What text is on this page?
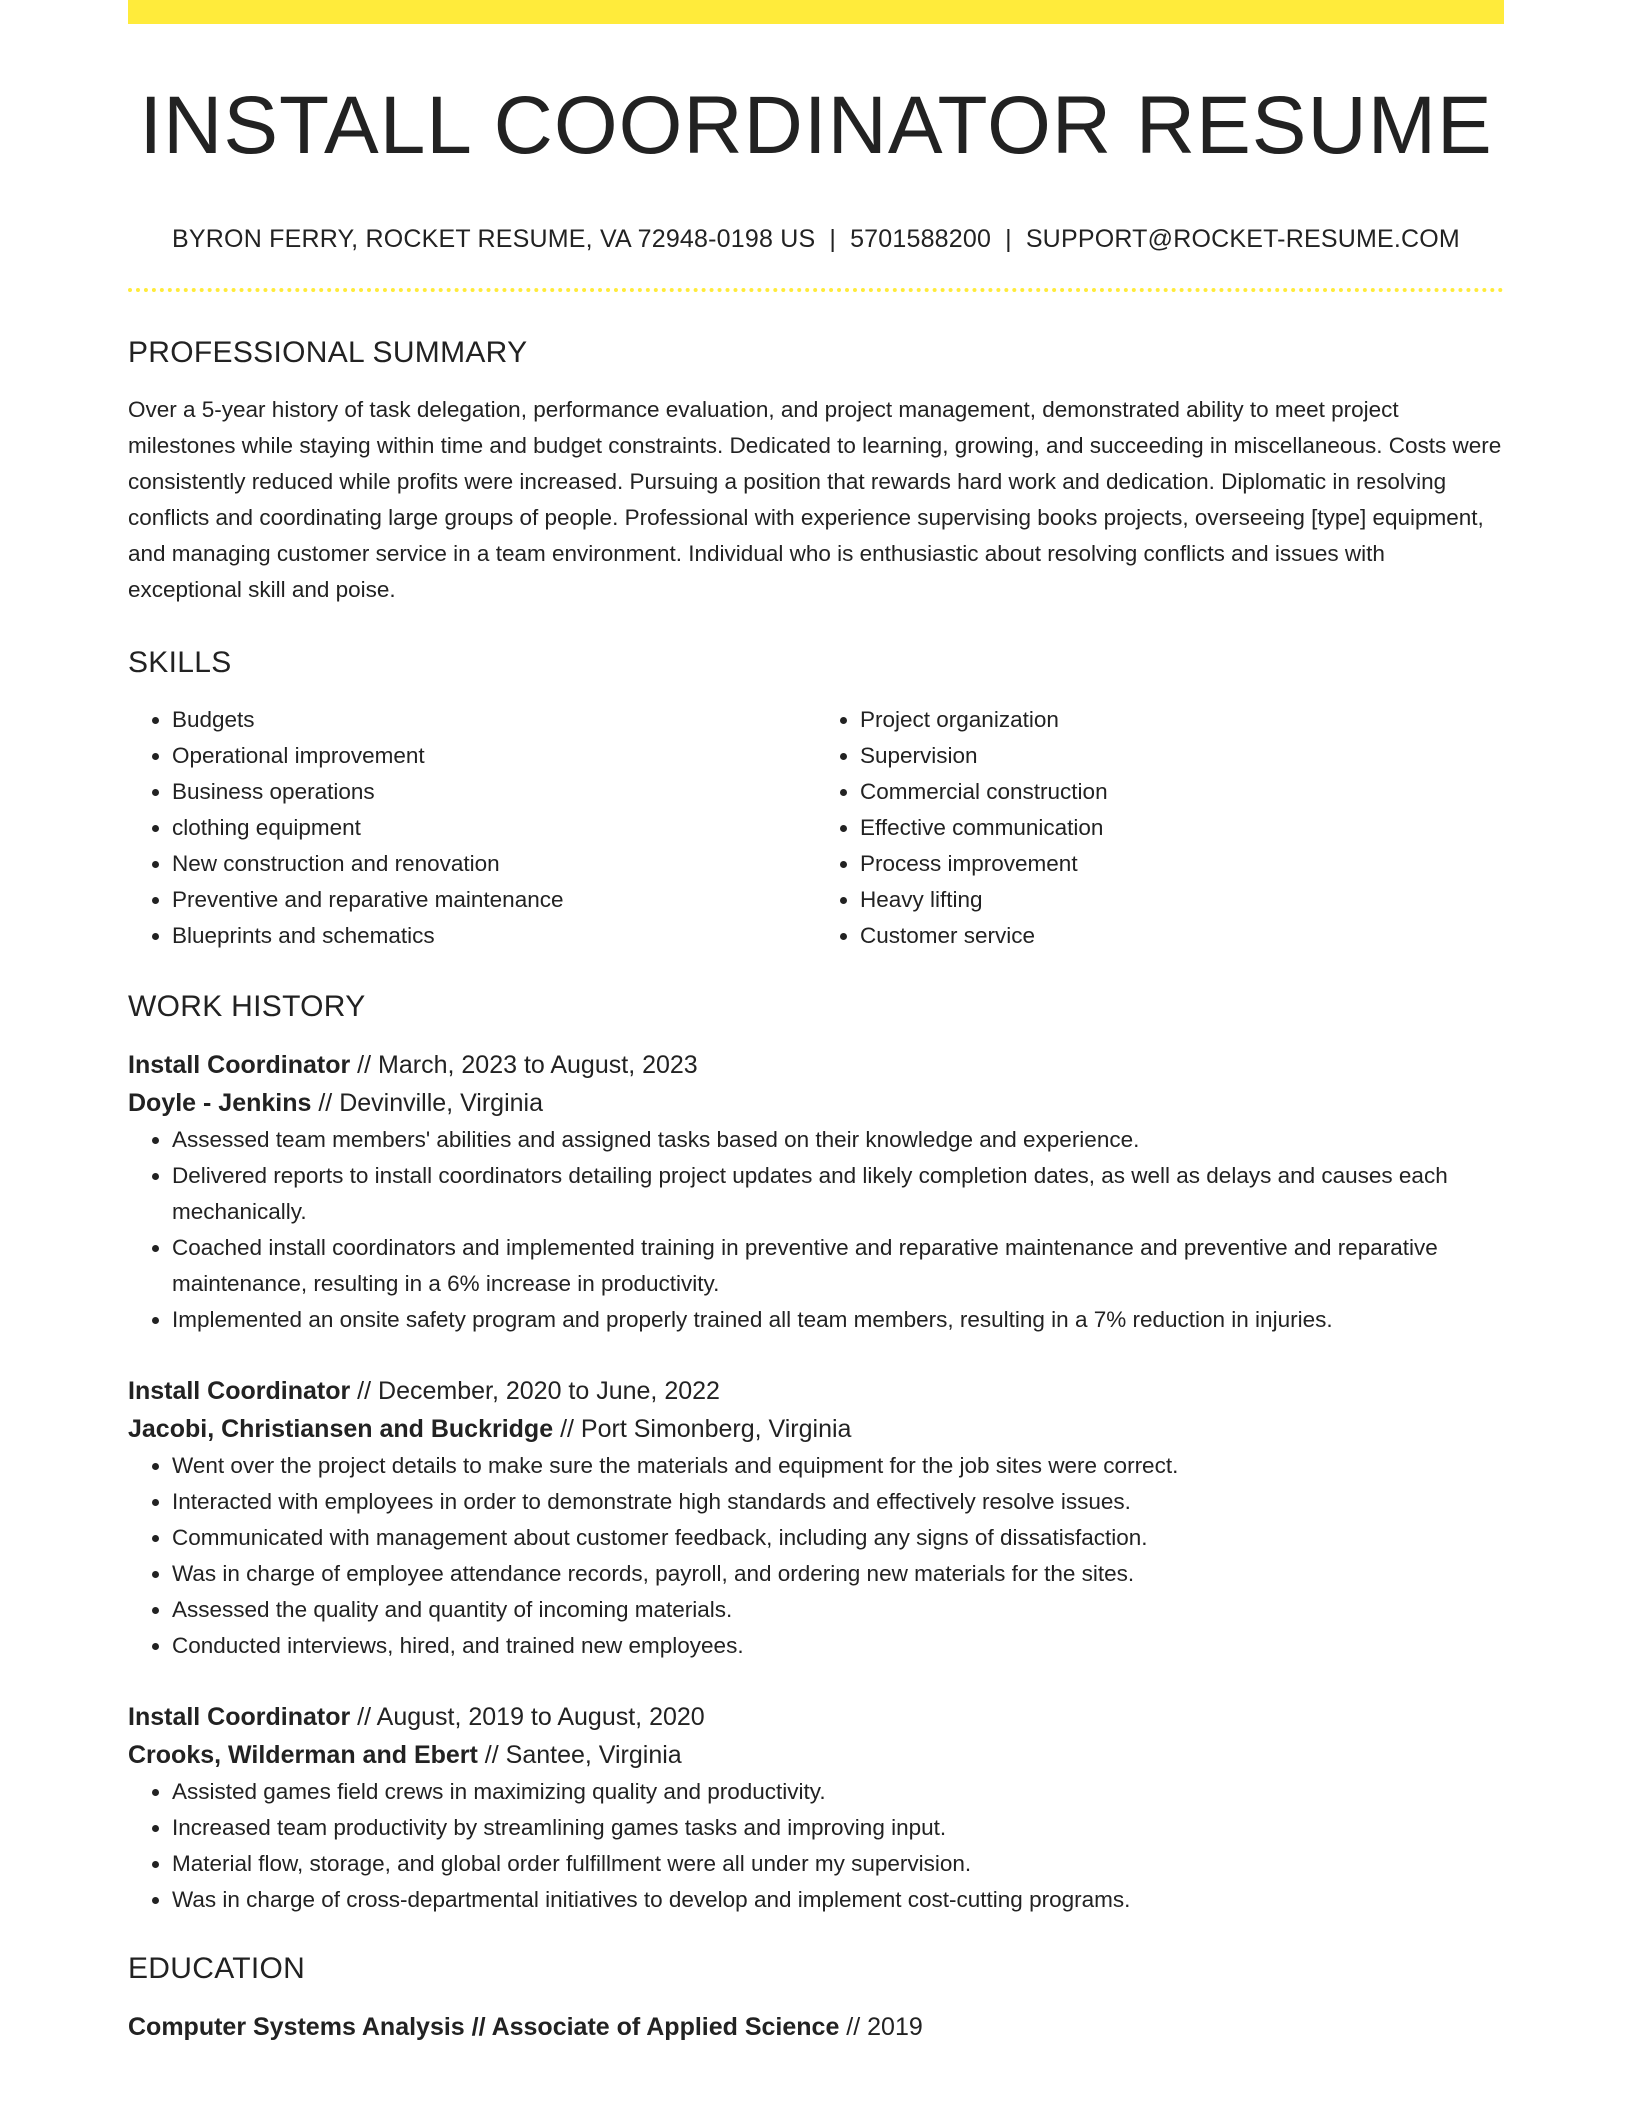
INSTALL COORDINATOR RESUME
BYRON FERRY, ROCKET RESUME, VA 72948-0198 US | 5701588200 | SUPPORT@ROCKET-RESUME.COM
PROFESSIONAL SUMMARY

Over a 5-year history of task delegation, performance evaluation, and project management, demonstrated ability to meet project milestones while staying within time and budget constraints. Dedicated to learning, growing, and succeeding in miscellaneous. Costs were consistently reduced while profits were increased. Pursuing a position that rewards hard work and dedication. Diplomatic in resolving conflicts and coordinating large groups of people. Professional with experience supervising books projects, overseeing [type] equipment, and managing customer service in a team environment. Individual who is enthusiastic about resolving conflicts and issues with exceptional skill and poise.

SKILLS
• Budgets
• Operational improvement
• Business operations
• clothing equipment
• New construction and renovation
• Preventive and reparative maintenance
• Blueprints and schematics
• Project organization
• Supervision
• Commercial construction
• Effective communication
• Process improvement
• Heavy lifting
• Customer service
WORK HISTORY
Install Coordinator // March, 2023 to August, 2023
Doyle - Jenkins // Devinville, Virginia
• Assessed team members' abilities and assigned tasks based on their knowledge and experience.
• Delivered reports to install coordinators detailing project updates and likely completion dates, as well as delays and causes each mechanically.
• Coached install coordinators and implemented training in preventive and reparative maintenance and preventive and reparative maintenance, resulting in a 6% increase in productivity.
• Implemented an onsite safety program and properly trained all team members, resulting in a 7% reduction in injuries.
Install Coordinator // December, 2020 to June, 2022
Jacobi, Christiansen and Buckridge // Port Simonberg, Virginia
• Went over the project details to make sure the materials and equipment for the job sites were correct.
• Interacted with employees in order to demonstrate high standards and effectively resolve issues.
• Communicated with management about customer feedback, including any signs of dissatisfaction.
• Was in charge of employee attendance records, payroll, and ordering new materials for the sites.
• Assessed the quality and quantity of incoming materials.
• Conducted interviews, hired, and trained new employees.
Install Coordinator // August, 2019 to August, 2020
Crooks, Wilderman and Ebert // Santee, Virginia
• Assisted games field crews in maximizing quality and productivity.
• Increased team productivity by streamlining games tasks and improving input.
• Material flow, storage, and global order fulfillment were all under my supervision.
• Was in charge of cross-departmental initiatives to develop and implement cost-cutting programs.
EDUCATION
Computer Systems Analysis // Associate of Applied Science // 2019
